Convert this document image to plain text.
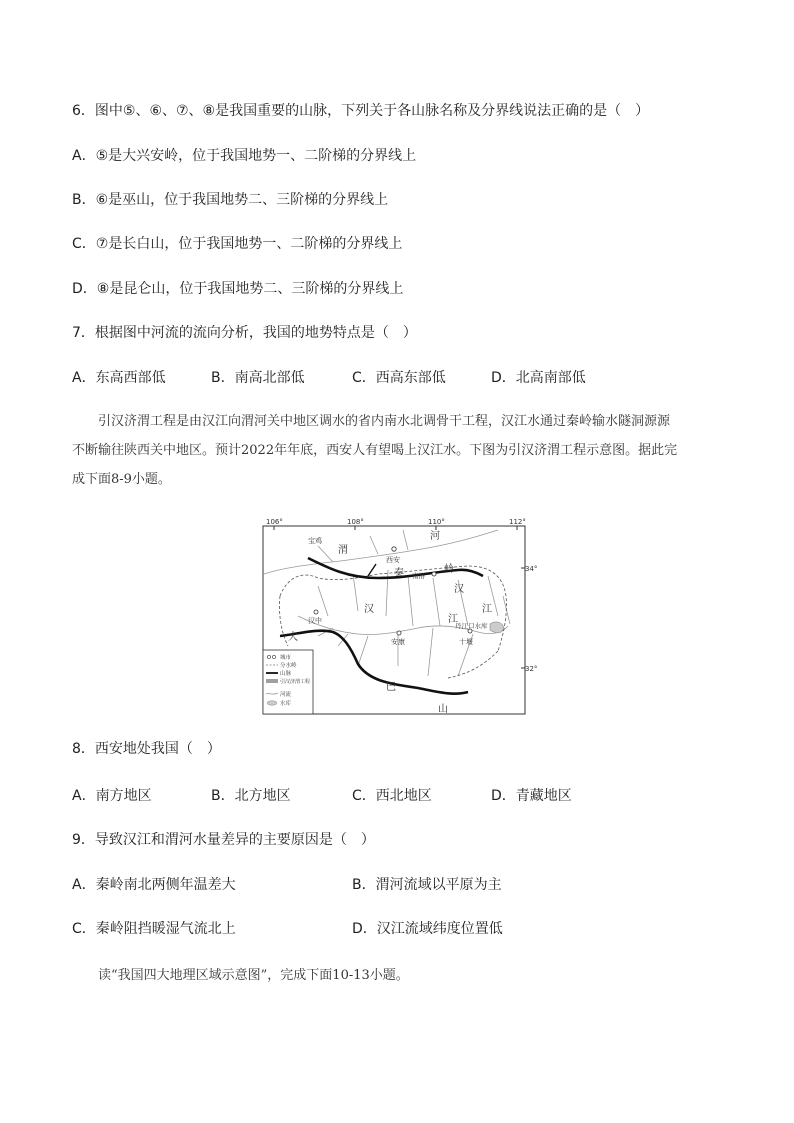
6．图中⑤、⑥、⑦、⑧是我国重要的山脉，下列关于各山脉名称及分界线说法正确的是（　）
A．⑤是大兴安岭，位于我国地势一、二阶梯的分界线上
B．⑥是巫山，位于我国地势二、三阶梯的分界线上
C．⑦是长白山，位于我国地势一、二阶梯的分界线上
D．⑧是昆仑山，位于我国地势二、三阶梯的分界线上
7．根据图中河流的流向分析，我国的地势特点是（　）
A．东高西部低	B．南高北部低	C．西高东部低	D．北高南部低

引汉济渭工程是由汉江向渭河关中地区调水的省内南水北调骨干工程，汉江水通过秦岭输水隧洞源源

不断输往陕西关中地区。预计2022年年底，西安人有望喝上汉江水。下图为引汉济渭工程示意图。据此完
成下面8-9小题。
106°	108°	110°	112°
34°
32°
宝鸡
西安
南洛
汉中
安康	十堰
丹江口水库
渭
河
秦	岭
汉
江
汉
江
大
巴
山
城市
分水岭
山脉
引汉济渭工程
河流
水库
8．西安地处我国（　）
A．南方地区	B．北方地区	C．西北地区	D．青藏地区
9．导致汉江和渭河水量差异的主要原因是（　）
A．秦岭南北两侧年温差大	B．渭河流域以平原为主
C．秦岭阻挡暖湿气流北上	D．汉江流域纬度位置低

读“我国四大地理区域示意图”，完成下面10-13小题。
